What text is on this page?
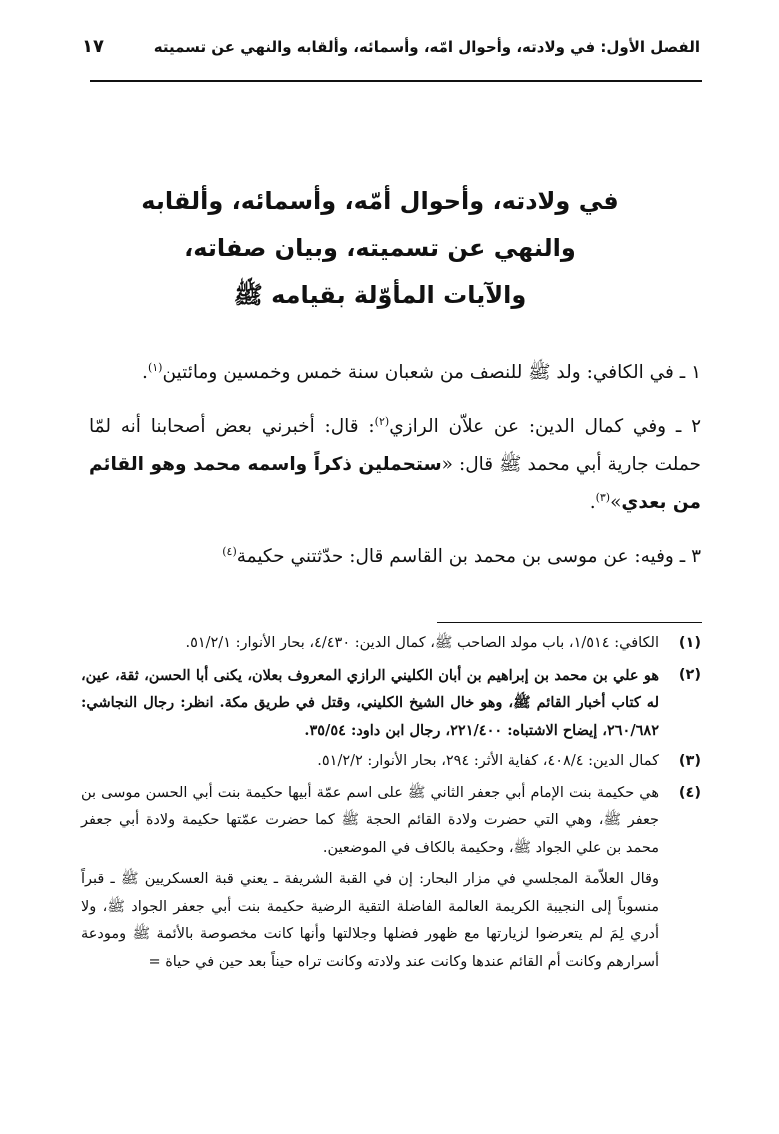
الفصل الأول: في ولادته، وأحوال امّه، وأسمائه، وألقابه والنهي عن تسميته
١٧
في ولادته، وأحوال أمّه، وأسمائه، وألقابه
والنهي عن تسميته، وبيان صفاته،
والآيات المأوّلة بقيامه ﷺ

١ ـ في الكافي: ولد ﷺ للنصف من شعبان سنة خمس وخمسين ومائتين$^{(١)}$.

٢ ـ وفي كمال الدين: عن علاّن الرازي$^{(٢)}$: قال: أخبرني بعض أصحابنا أنه لمّا حملت جارية أبي محمد ﷺ قال: «ستحملين ذكراً واسمه محمد وهو القائم من بعدي»$^{(٣)}$.

٣ ـ وفيه: عن موسى بن محمد بن القاسم قال: حدّثتني حكيمة$^{(٤)}$

(١)
الكافي: ١/٥١٤، باب مولد الصاحب ﷺ، كمال الدين: ٤/٤٣٠، بحار الأنوار: ٥١/٢/١.
(٢)
هو علي بن محمد بن إبراهيم بن أبان الكليني الرازي المعروف بعلان، يكنى أبا الحسن، ثقة، عين، له كتاب أخبار القائم ﷺ، وهو خال الشيخ الكليني، وقتل في طريق مكة. انظر: رجال النجاشي: ٢٦٠/٦٨٢، إيضاح الاشتباه: ٢٢١/٤٠٠، رجال ابن داود: ٣٥/٥٤.
(٣)
كمال الدين: ٤٠٨/٤، كفاية الأثر: ٢٩٤، بحار الأنوار: ٥١/٢/٢.
(٤)
هي حكيمة بنت الإمام أبي جعفر الثاني ﷺ على اسم عمّة أبيها حكيمة بنت أبي الحسن موسى بن جعفر ﷺ، وهي التي حضرت ولادة القائم الحجة ﷺ كما حضرت عمّتها حكيمة ولادة أبي جعفر محمد بن علي الجواد ﷺ، وحكيمة بالكاف في الموضعين.
وقال العلاّمة المجلسي في مزار البحار: إن في القبة الشريفة ـ يعني قبة العسكريين ﷺ ـ قبراً منسوباً إلى النجيبة الكريمة العالمة الفاضلة التقية الرضية حكيمة بنت أبي جعفر الجواد ﷺ، ولا أدري لِمَ لم يتعرضوا لزيارتها مع ظهور فضلها وجلالتها وأنها كانت مخصوصة بالأئمة ﷺ ومودعة أسرارهم وكانت أم القائم عندها وكانت عند ولادته وكانت تراه حيناً بعد حين في حياة =
